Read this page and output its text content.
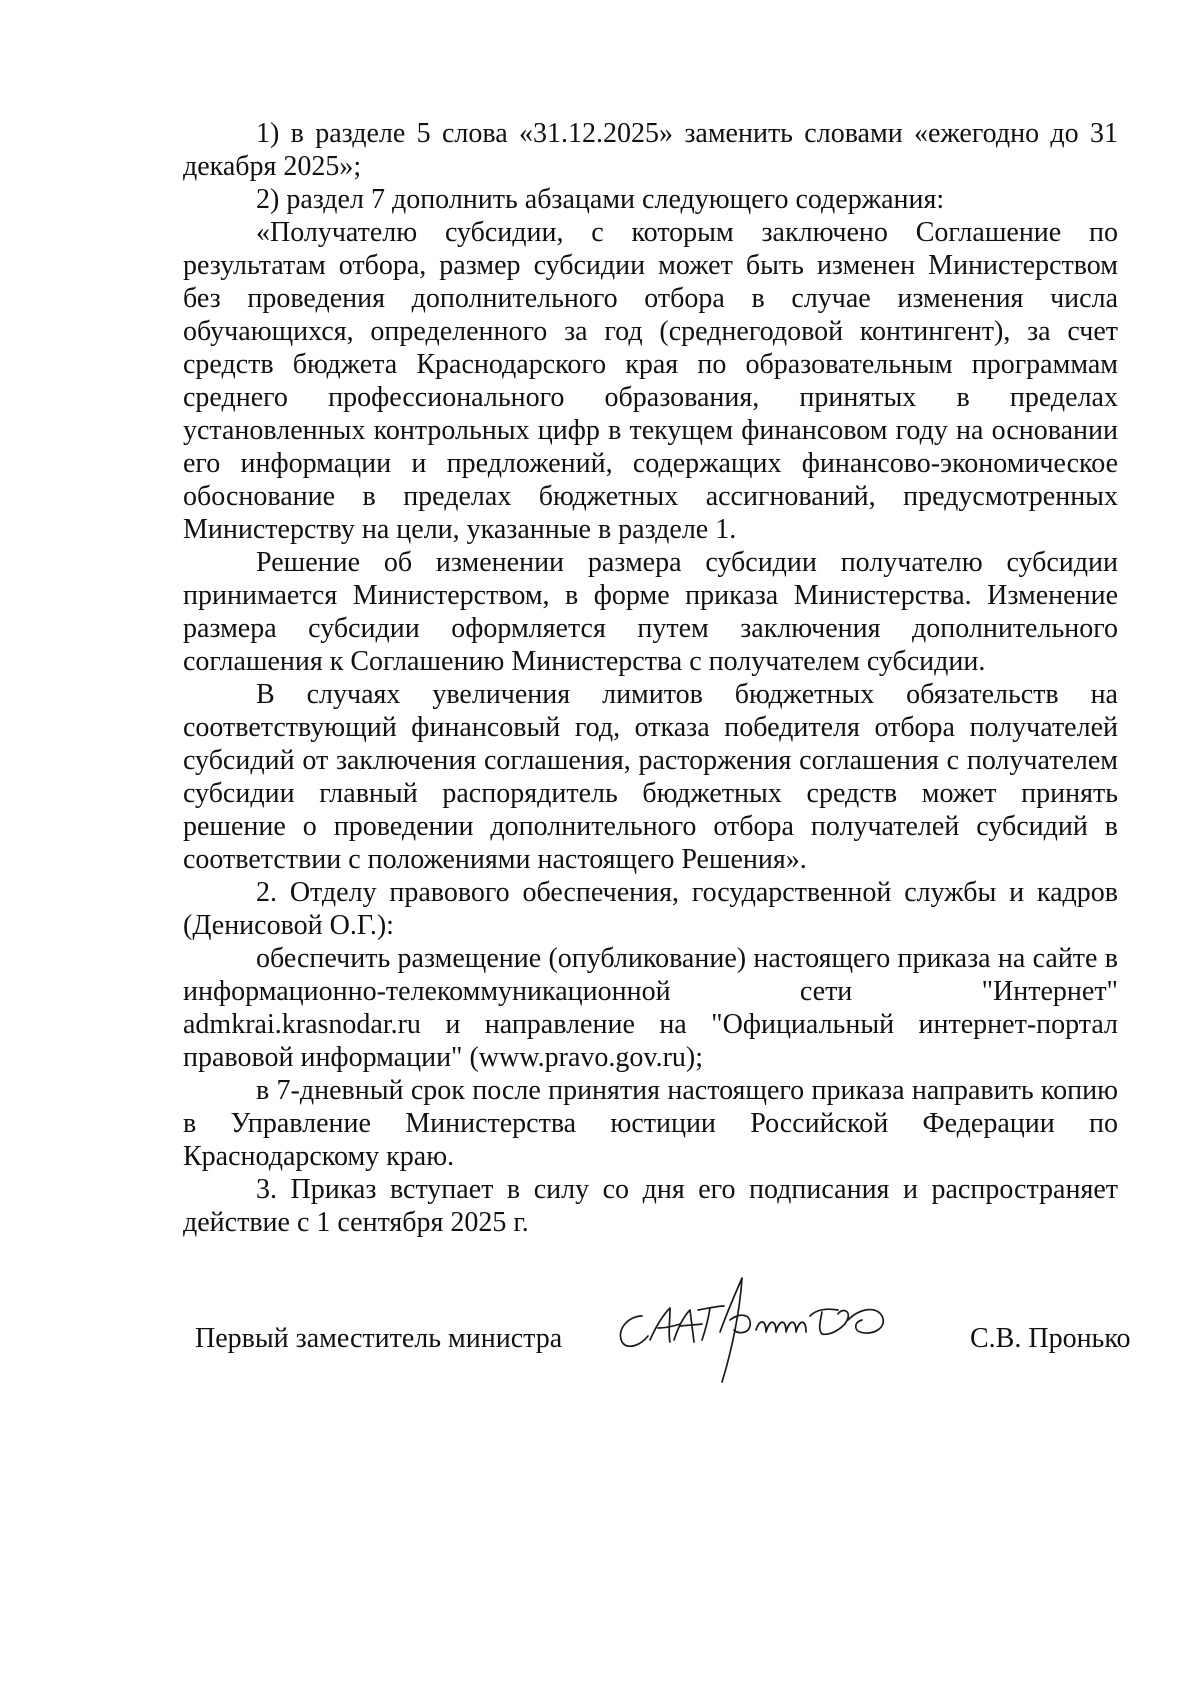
1) в разделе 5 слова «31.12.2025» заменить словами «ежегодно до 31 декабря 2025»;

2) раздел 7 дополнить абзацами следующего содержания:

«Получателю субсидии, с которым заключено Соглашение по результатам отбора, размер субсидии может быть изменен Министерством без проведения дополнительного отбора в случае изменения числа обучающихся, определенного за год (среднегодовой контингент), за счет средств бюджета Краснодарского края по образовательным программам среднего профессионального образования, принятых в пределах установленных контрольных цифр в текущем финансовом году на основании его информации и предложений, содержащих финансово-экономическое обоснование в пределах бюджетных ассигнований, предусмотренных Министерству на цели, указанные в разделе 1.

Решение об изменении размера субсидии получателю субсидии принимается Министерством, в форме приказа Министерства. Изменение размера субсидии оформляется путем заключения дополнительного соглашения к Соглашению Министерства с получателем субсидии.

В случаях увеличения лимитов бюджетных обязательств на соответствующий финансовый год, отказа победителя отбора получателей субсидий от заключения соглашения, расторжения соглашения с получателем субсидии главный распорядитель бюджетных средств может принять решение о проведении дополнительного отбора получателей субсидий в соответствии с положениями настоящего Решения».

2. Отделу правового обеспечения, государственной службы и кадров (Денисовой О.Г.):

обеспечить размещение (опубликование) настоящего приказа на сайте в информационно-телекоммуникационной сети "Интернет" admkrai.krasnodar.ru и направление на "Официальный интернет-портал правовой информации" (www.pravo.gov.ru);

в 7-дневный срок после принятия настоящего приказа направить копию в Управление Министерства юстиции Российской Федерации по Краснодарскому краю.

3. Приказ вступает в силу со дня его подписания и распространяет действие с 1 сентября 2025 г.

Первый заместитель министра	С.В. Пронько
